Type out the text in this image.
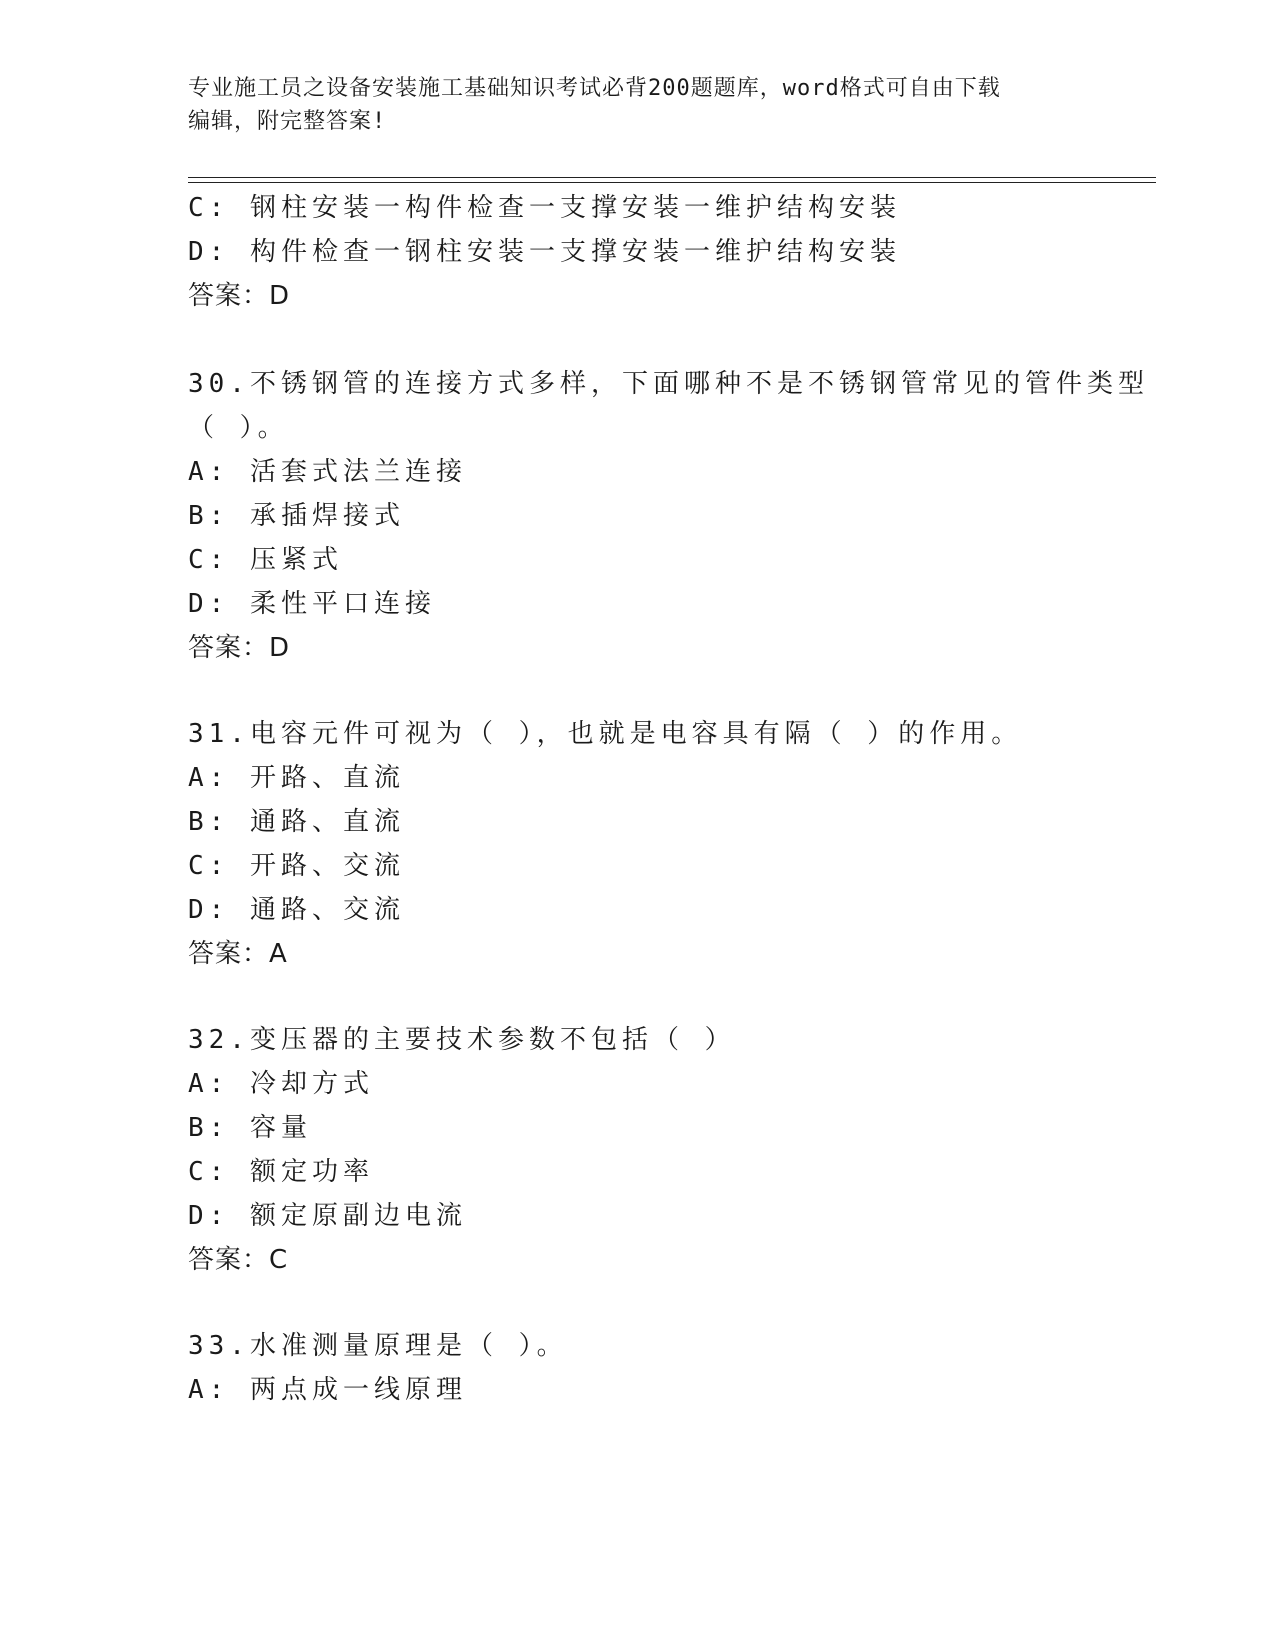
专业施工员之设备安装施工基础知识考试必背200题题库，word格式可自由下载
编辑，附完整答案!
C: 钢柱安装一构件检查一支撑安装一维护结构安装
D: 构件检查一钢柱安装一支撑安装一维护结构安装
答案：D
30.不锈钢管的连接方式多样，下面哪种不是不锈钢管常见的管件类型
（ ）。
A: 活套式法兰连接
B: 承插焊接式
C: 压紧式
D: 柔性平口连接
答案：D
31.电容元件可视为（ ），也就是电容具有隔（ ）的作用。
A: 开路、直流
B: 通路、直流
C: 开路、交流
D: 通路、交流
答案：A
32.变压器的主要技术参数不包括（ ）
A: 冷却方式
B: 容量
C: 额定功率
D: 额定原副边电流
答案：C
33.水准测量原理是（ ）。
A: 两点成一线原理
